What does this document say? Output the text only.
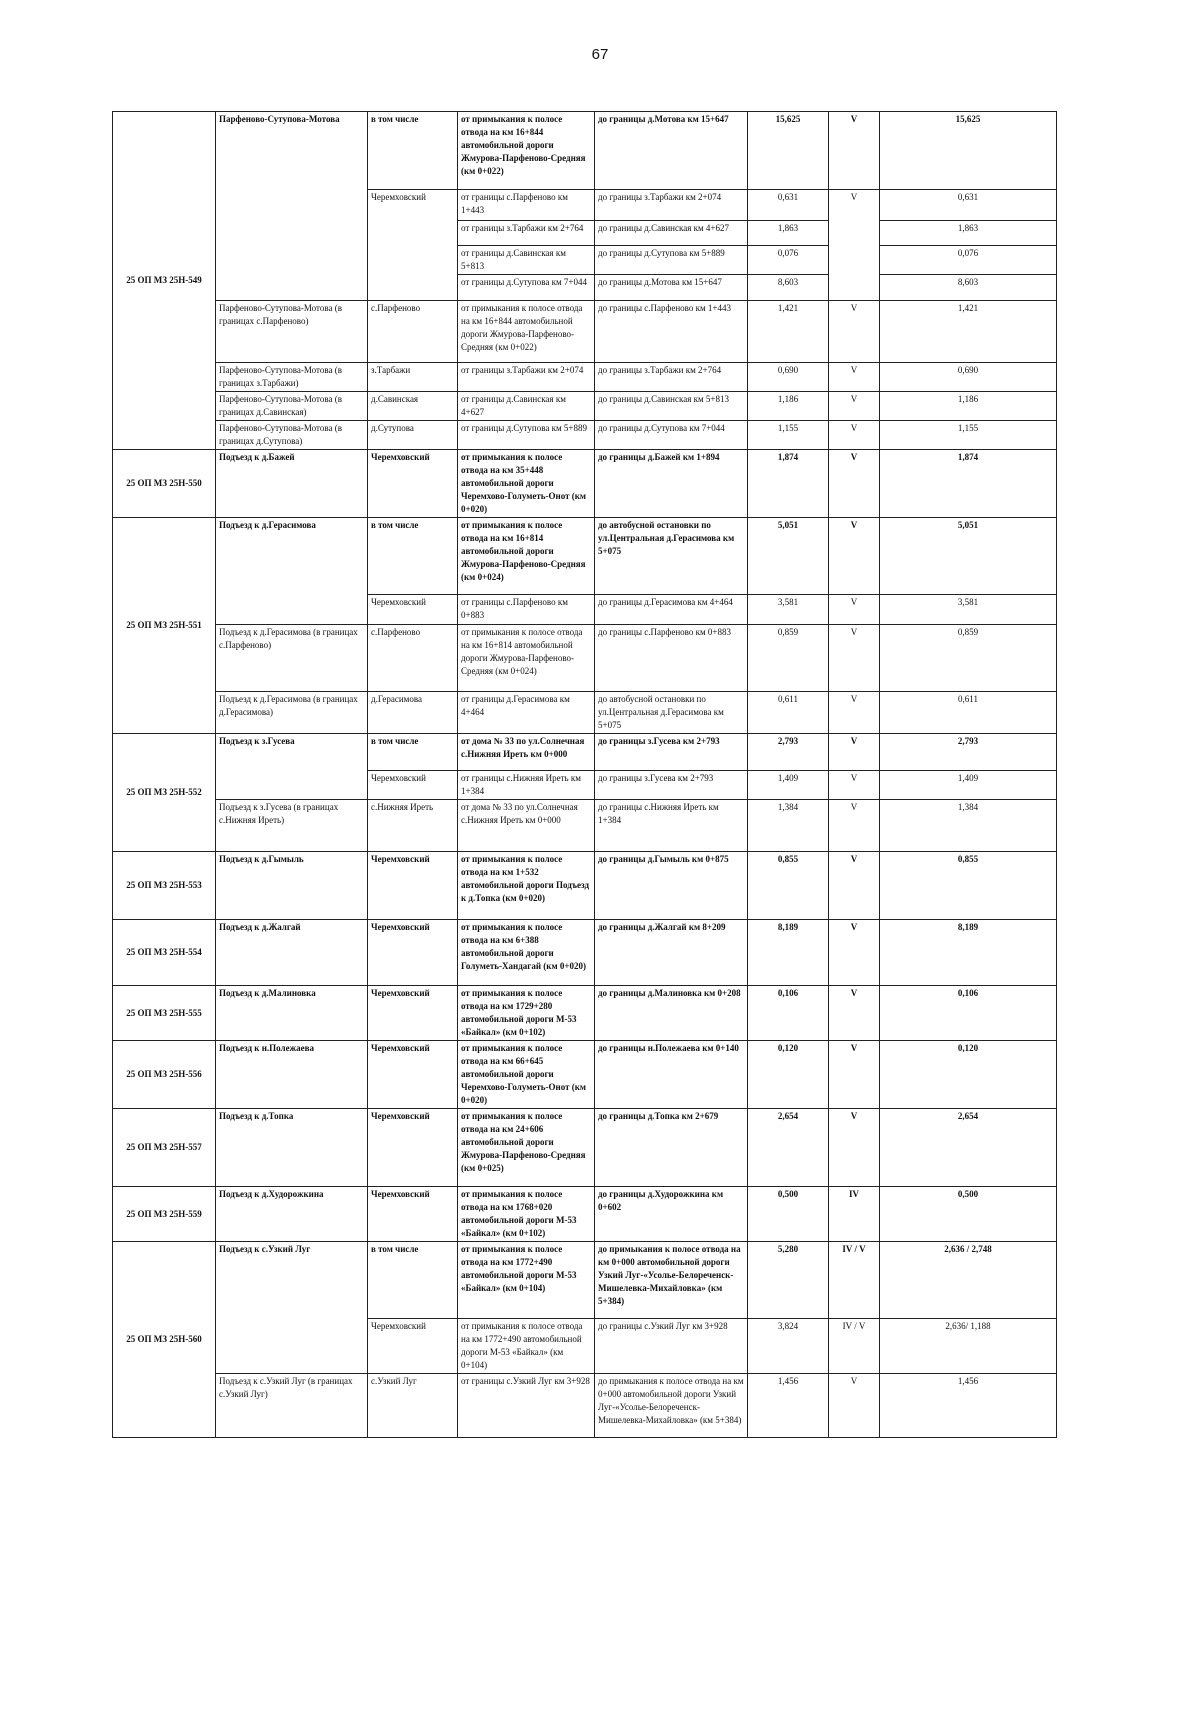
67
25 ОП МЗ 25Н-549	Парфеново-Сутупова-Мотова	в том числе	от примыкания к полосе отвода на км 16+844 автомобильной дороги Жмурова-Парфеново-Средняя (км 0+022)	до границы д.Мотова км 15+647	15,625	V	15,625
		Черемховский	от границы с.Парфеново км 1+443	до границы з.Тарбажи км 2+074	0,631	V	0,631
			от границы з.Тарбажи км 2+764	до границы д.Савинская км 4+627	1,863		1,863
			от границы д.Савинская км 5+813	до границы д.Сутупова км 5+889	0,076		0,076
			от границы д.Сутупова км 7+044	до границы д.Мотова км 15+647	8,603		8,603
	Парфеново-Сутупова-Мотова (в границах с.Парфеново)	с.Парфеново	от примыкания к полосе отвода на км 16+844 автомобильной дороги Жмурова-Парфеново-Средняя (км 0+022)	до границы с.Парфеново км 1+443	1,421	V	1,421
	Парфеново-Сутупова-Мотова (в границах з.Тарбажи)	з.Тарбажи	от границы з.Тарбажи км 2+074	до границы з.Тарбажи км 2+764	0,690	V	0,690
	Парфеново-Сутупова-Мотова (в границах д.Савинская)	д.Савинская	от границы д.Савинская км 4+627	до границы д.Савинская км 5+813	1,186	V	1,186
	Парфеново-Сутупова-Мотова (в границах д.Сутупова)	д.Сутупова	от границы д.Сутупова км 5+889	до границы д.Сутупова км 7+044	1,155	V	1,155
25 ОП МЗ 25Н-550	Подъезд к д.Бажей	Черемховский	от примыкания к полосе отвода на км 35+448 автомобильной дороги Черемхово-Голуметь-Онот (км 0+020)	до границы д.Бажей км 1+894	1,874	V	1,874
25 ОП МЗ 25Н-551	Подъезд к д.Герасимова	в том числе	от примыкания к полосе отвода на км 16+814 автомобильной дороги Жмурова-Парфеново-Средняя (км 0+024)	до автобусной остановки по ул.Центральная д.Герасимова км 5+075	5,051	V	5,051
		Черемховский	от границы с.Парфеново км 0+883	до границы д.Герасимова км 4+464	3,581	V	3,581
	Подъезд к д.Герасимова (в границах с.Парфеново)	с.Парфеново	от примыкания к полосе отвода на км 16+814 автомобильной дороги Жмурова-Парфеново-Средняя (км 0+024)	до границы с.Парфеново км 0+883	0,859	V	0,859
	Подъезд к д.Герасимова (в границах д.Герасимова)	д.Герасимова	от границы д.Герасимова км 4+464	до автобусной остановки по ул.Центральная д.Герасимова км 5+075	0,611	V	0,611
25 ОП МЗ 25Н-552	Подъезд к з.Гусева	в том числе	от дома № 33 по ул.Солнечная с.Нижняя Иреть км 0+000	до границы з.Гусева км 2+793	2,793	V	2,793
		Черемховский	от границы с.Нижняя Иреть км 1+384	до границы з.Гусева км 2+793	1,409	V	1,409
	Подъезд к з.Гусева (в границах с.Нижняя Иреть)	с.Нижняя Иреть	от дома № 33 по ул.Солнечная с.Нижняя Иреть км 0+000	до границы с.Нижняя Иреть км 1+384	1,384	V	1,384
25 ОП МЗ 25Н-553	Подъезд к д.Гымыль	Черемховский	от примыкания к полосе отвода на км 1+532 автомобильной дороги Подъезд к д.Топка (км 0+020)	до границы д.Гымыль км 0+875	0,855	V	0,855
25 ОП МЗ 25Н-554	Подъезд к д.Жалгай	Черемховский	от примыкания к полосе отвода на км 6+388 автомобильной дороги Голуметь-Хандагай (км 0+020)	до границы д.Жалгай км 8+209	8,189	V	8,189
25 ОП МЗ 25Н-555	Подъезд к д.Малиновка	Черемховский	от примыкания к полосе отвода на км 1729+280 автомобильной дороги М-53 «Байкал» (км 0+102)	до границы д.Малиновка км 0+208	0,106	V	0,106
25 ОП МЗ 25Н-556	Подъезд к н.Полежаева	Черемховский	от примыкания к полосе отвода на км 66+645 автомобильной дороги Черемхово-Голуметь-Онот (км 0+020)	до границы н.Полежаева км 0+140	0,120	V	0,120
25 ОП МЗ 25Н-557	Подъезд к д.Топка	Черемховский	от примыкания к полосе отвода на км 24+606 автомобильной дороги Жмурова-Парфеново-Средняя (км 0+025)	до границы д.Топка км 2+679	2,654	V	2,654
25 ОП МЗ 25Н-559	Подъезд к д.Худорожкина	Черемховский	от примыкания к полосе отвода на км 1768+020 автомобильной дороги М-53 «Байкал» (км 0+102)	до границы д.Худорожкина км 0+602	0,500	IV	0,500
25 ОП МЗ 25Н-560	Подъезд к с.Узкий Луг	в том числе	от примыкания к полосе отвода на км 1772+490 автомобильной дороги М-53 «Байкал» (км 0+104)	до примыкания к полосе отвода на км 0+000 автомобильной дороги Узкий Луг-«Усолье-Белореченск-Мишелевка-Михайловка» (км 5+384)	5,280	IV / V	2,636 / 2,748
		Черемховский	от примыкания к полосе отвода на км 1772+490 автомобильной дороги М-53 «Байкал» (км 0+104)	до границы с.Узкий Луг км 3+928	3,824	IV / V	2,636/ 1,188
	Подъезд к с.Узкий Луг (в границах с.Узкий Луг)	с.Узкий Луг	от границы с.Узкий Луг км 3+928	до примыкания к полосе отвода на км 0+000 автомобильной дороги Узкий Луг-«Усолье-Белореченск-Мишелевка-Михайловка» (км 5+384)	1,456	V	1,456
